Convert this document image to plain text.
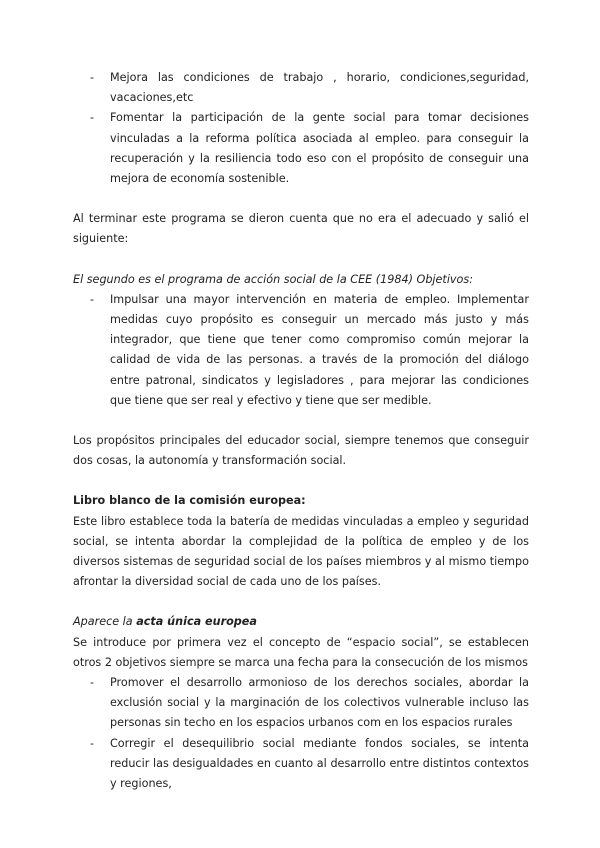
- Mejora las condiciones de trabajo , horario, condiciones,seguridad, vacaciones,etc
- Fomentar la participación de la gente social para tomar decisiones vinculadas a la reforma política asociada al empleo. para conseguir la recuperación y la resiliencia todo eso con el propósito de conseguir una mejora de economía sostenible.

Al terminar este programa se dieron cuenta que no era el adecuado y salió el siguiente:

El segundo es el programa de acción social de la CEE (1984) Objetivos:

- Impulsar una mayor intervención en materia de empleo. Implementar medidas cuyo propósito es conseguir un mercado más justo y más integrador, que tiene que tener como compromiso común mejorar la calidad de vida de las personas. a través de la promoción del diálogo entre patronal, sindicatos y legisladores , para mejorar las condiciones que tiene que ser real y efectivo y tiene que ser medible.

Los propósitos principales del educador social, siempre tenemos que conseguir dos cosas, la autonomía y transformación social.

Libro blanco de la comisión europea:

Este libro establece toda la batería de medidas vinculadas a empleo y seguridad social, se intenta abordar la complejidad de la política de empleo y de los diversos sistemas de seguridad social de los países miembros y al mismo tiempo afrontar la diversidad social de cada uno de los países.

Aparece la acta única europea

Se introduce por primera vez el concepto de “espacio social”, se establecen otros 2 objetivos siempre se marca una fecha para la consecución de los mismos

- Promover el desarrollo armonioso de los derechos sociales, abordar la exclusión social y la marginación de los colectivos vulnerable incluso las personas sin techo en los espacios urbanos com en los espacios rurales
- Corregir el desequilibrio social mediante fondos sociales, se intenta reducir las desigualdades en cuanto al desarrollo entre distintos contextos y regiones,
